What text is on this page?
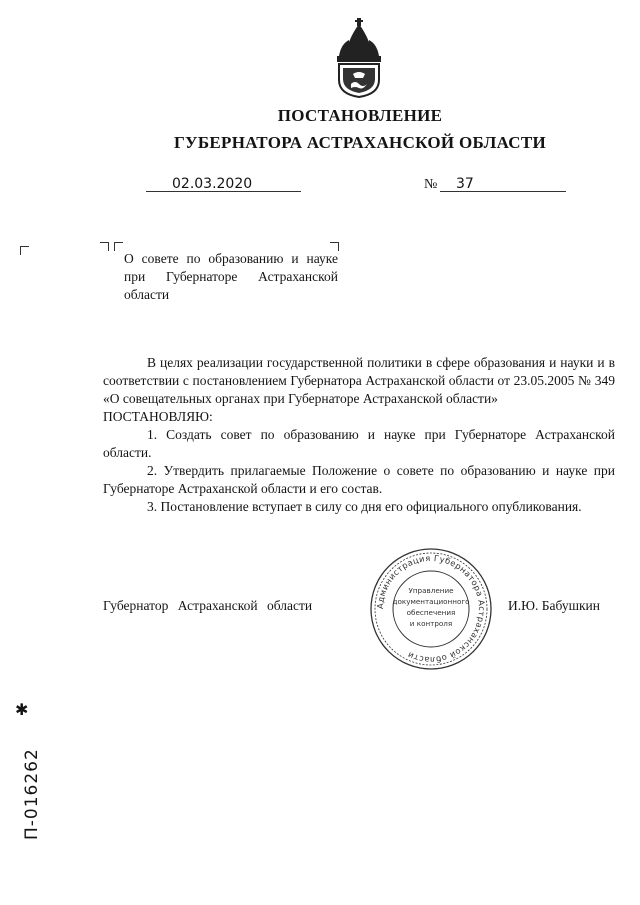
ПОСТАНОВЛЕНИЕ
ГУБЕРНАТОРА АСТРАХАНСКОЙ ОБЛАСТИ
02.03.2020	№ 37
О совете по образованию и науке при Губернаторе Астраханской области

В целях реализации государственной политики в сфере образования и науки и в соответствии с постановлением Губернатора Астраханской области от 23.05.2005 № 349 «О совещательных органах при Губернаторе Астраханской области»

ПОСТАНОВЛЯЮ:

1. Создать совет по образованию и науке при Губернаторе Астраханской области.

2. Утвердить прилагаемые Положение о совете по образованию и науке при Губернаторе Астраханской области и его состав.

3. Постановление вступает в силу со дня его официального опубликования.

Губернатор Астраханской области	И.Ю. Бабушкин
Администрация Губернатора Астраханской области
Управление
документационного
обеспечения
и контроля
✱
П-016262
